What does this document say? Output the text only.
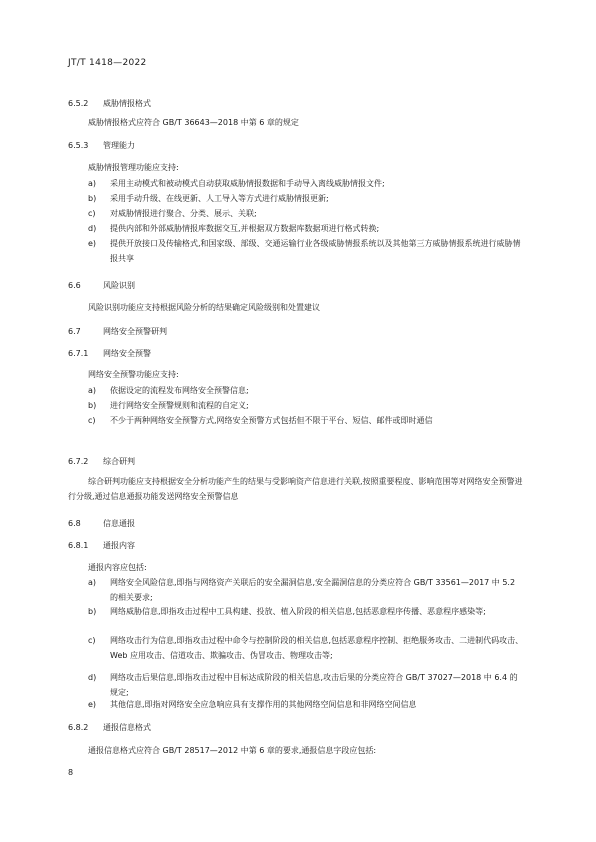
JT/T 1418—2022
6.5.2 威胁情报格式
威胁情报格式应符合 GB/T 36643—2018 中第 6 章的规定
6.5.3 管理能力
威胁情报管理功能应支持:
a)	采用主动模式和被动模式自动获取威胁情报数据和手动导入离线威胁情报文件;
b)	采用手动升级、在线更新、人工导入等方式进行威胁情报更新;
c)	对威胁情报进行聚合、分类、展示、关联;
d)	提供内部和外部威胁情报库数据交互,并根据双方数据库数据项进行格式转换;
e)	提供开放接口及传输格式,和国家级、部级、交通运输行业各级威胁情报系统以及其他第三方威胁情报系统进行威胁情报共享
6.6	风险识别
风险识别功能应支持根据风险分析的结果确定风险级别和处置建议
6.7	网络安全预警研判
6.7.1 网络安全预警
网络安全预警功能应支持:
a)	依据设定的流程发布网络安全预警信息;
b)	进行网络安全预警规则和流程的自定义;
c)	不少于两种网络安全预警方式,网络安全预警方式包括但不限于平台、短信、邮件或即时通信
6.7.2 综合研判
综合研判功能应支持根据安全分析功能产生的结果与受影响资产信息进行关联,按照重要程度、影响范围等对网络安全预警进行分级,通过信息通报功能发送网络安全预警信息
6.8	信息通报
6.8.1 通报内容
通报内容应包括:
a)	网络安全风险信息,即指与网络资产关联后的安全漏洞信息,安全漏洞信息的分类应符合 GB/T 33561—2017 中 5.2 的相关要求;
b)	网络威胁信息,即指攻击过程中工具构建、投放、植入阶段的相关信息,包括恶意程序传播、恶意程序感染等;
c)	网络攻击行为信息,即指攻击过程中命令与控制阶段的相关信息,包括恶意程序控制、拒绝服务攻击、二进制代码攻击、Web 应用攻击、信道攻击、欺骗攻击、伪冒攻击、物理攻击等;
d)	网络攻击后果信息,即指攻击过程中目标达成阶段的相关信息,攻击后果的分类应符合 GB/T 37027—2018 中 6.4 的规定;
e)	其他信息,即指对网络安全应急响应具有支撑作用的其他网络空间信息和非网络空间信息
6.8.2 通报信息格式
通报信息格式应符合 GB/T 28517—2012 中第 6 章的要求,通报信息字段应包括:
8
